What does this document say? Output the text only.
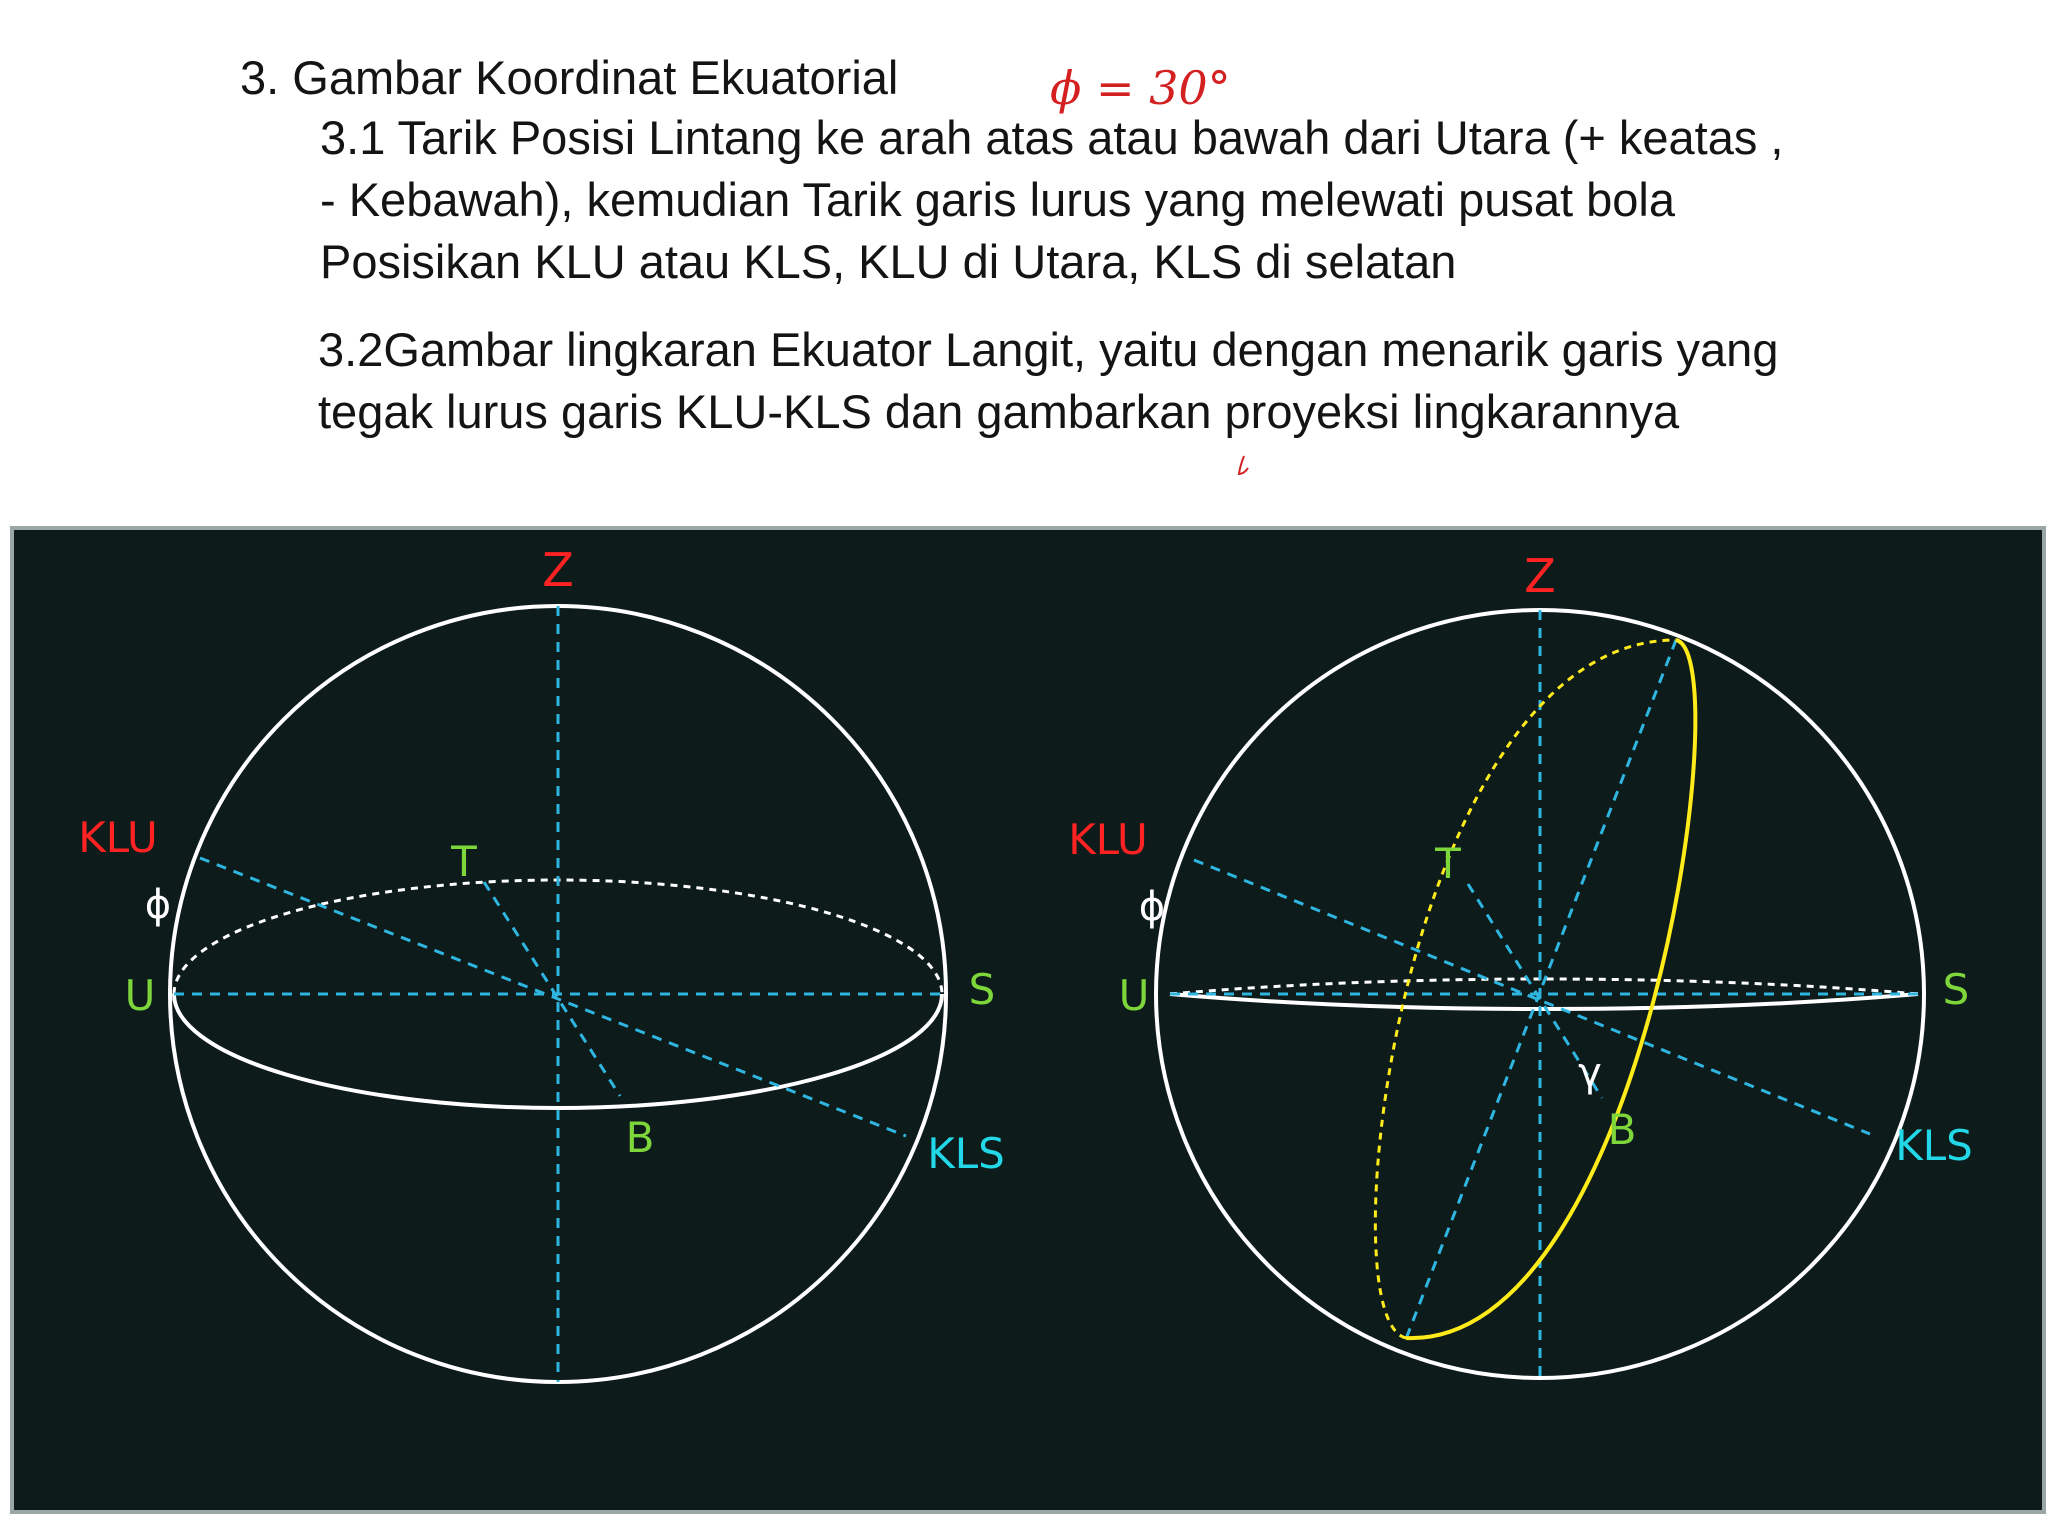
3. Gambar Koordinat Ekuatorial

3.1 Tarik Posisi Lintang ke arah atas atau bawah dari Utara (+ keatas ,

- Kebawah), kemudian Tarik garis lurus yang melewati pusat bola

Posisikan KLU atau KLS, KLU di Utara, KLS di selatan

3.2Gambar lingkaran Ekuator Langit, yaitu dengan menarik garis yang

tegak lurus garis KLU-KLS dan gambarkan proyeksi lingkarannya

ϕ = 30°
Z
KLU
KLS
ϕ
U	S
T
B
Z
KLU
KLS
ϕ
U	S
T
B
γ
